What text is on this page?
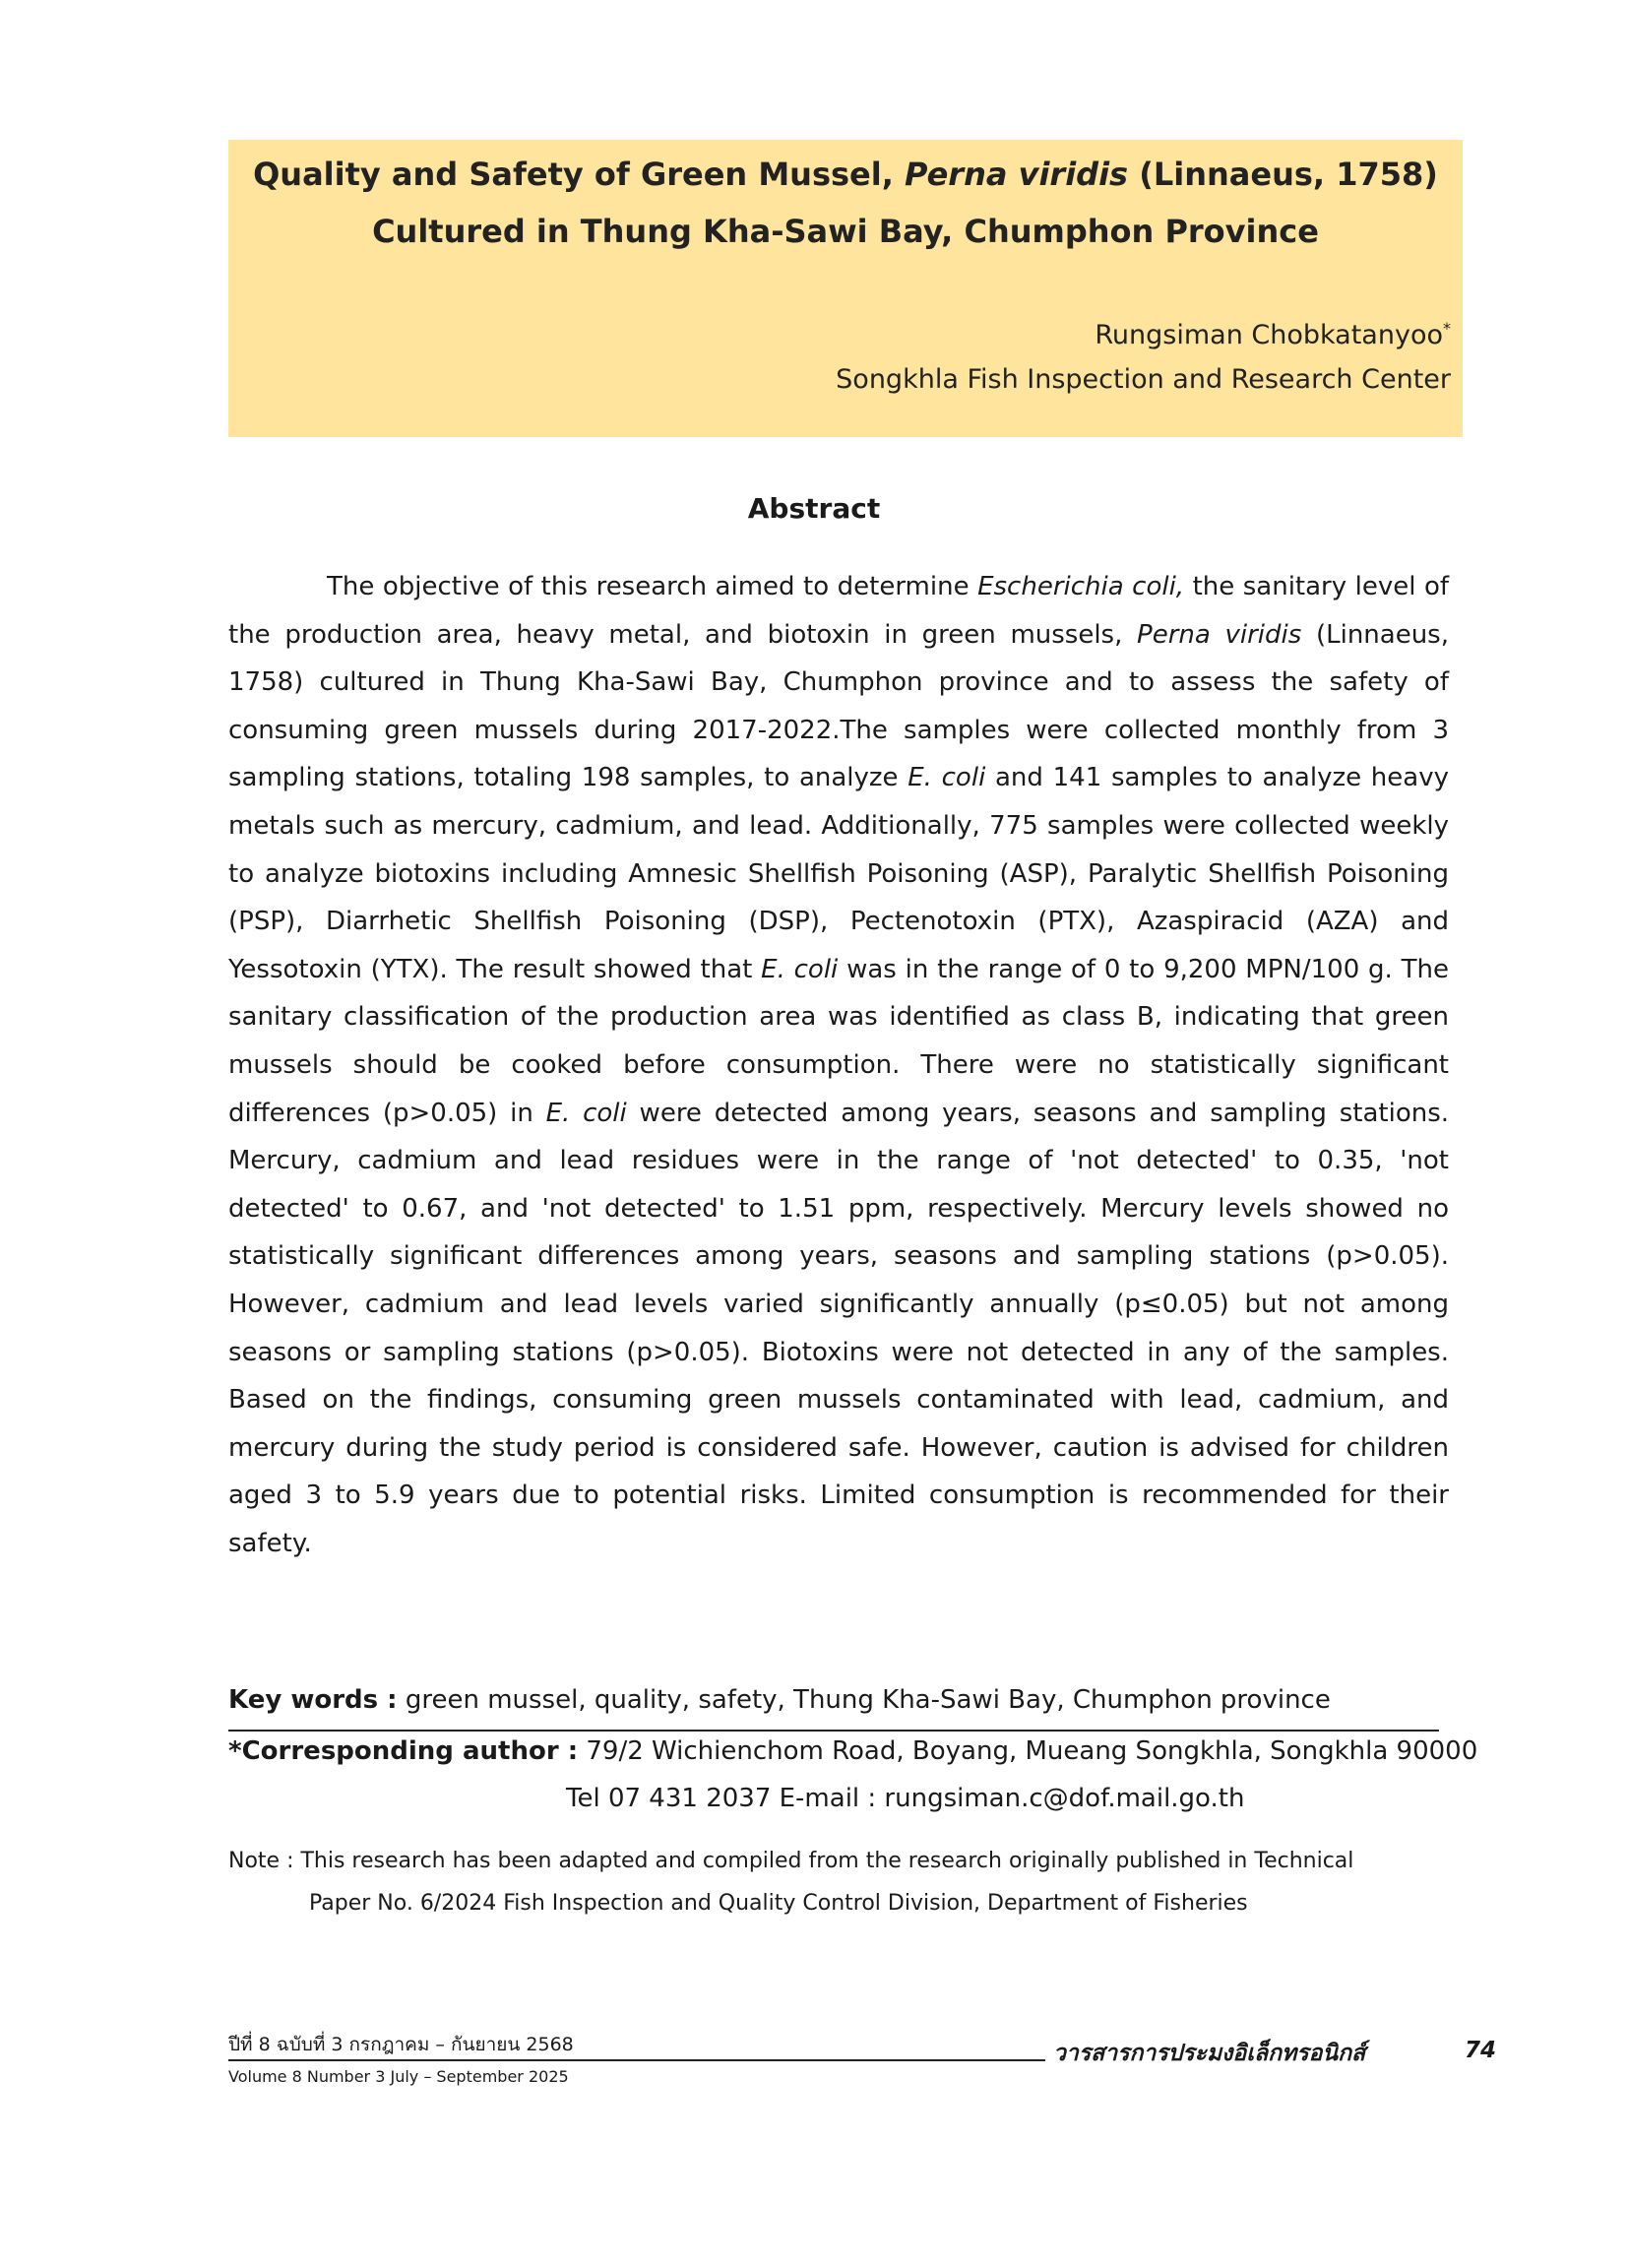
Quality and Safety of Green Mussel, Perna viridis (Linnaeus, 1758)
Cultured in Thung Kha-Sawi Bay, Chumphon Province
Rungsiman Chobkatanyoo*
Songkhla Fish Inspection and Research Center
Abstract

The objective of this research aimed to determine Escherichia coli, the sanitary level of the production area, heavy metal, and biotoxin in green mussels, Perna viridis (Linnaeus, 1758) cultured in Thung Kha-Sawi Bay, Chumphon province and to assess the safety of consuming green mussels during 2017-2022.The samples were collected monthly from 3 sampling stations, totaling 198 samples, to analyze E. coli and 141 samples to analyze heavy metals such as mercury, cadmium, and lead. Additionally, 775 samples were collected weekly to analyze biotoxins including Amnesic Shellfish Poisoning (ASP), Paralytic Shellfish Poisoning (PSP), Diarrhetic Shellfish Poisoning (DSP), Pectenotoxin (PTX), Azaspiracid (AZA) and Yessotoxin (YTX). The result showed that E. coli was in the range of 0 to 9,200 MPN/100 g. The sanitary classification of the production area was identified as class B, indicating that green mussels should be cooked before consumption. There were no statistically significant differences (p>0.05) in E. coli were detected among years, seasons and sampling stations. Mercury, cadmium and lead residues were in the range of 'not detected' to 0.35, 'not detected' to 0.67, and 'not detected' to 1.51 ppm, respectively. Mercury levels showed no statistically significant differences among years, seasons and sampling stations (p>0.05). However, cadmium and lead levels varied significantly annually (p≤0.05) but not among seasons or sampling stations (p>0.05). Biotoxins were not detected in any of the samples. Based on the findings, consuming green mussels contaminated with lead, cadmium, and mercury during the study period is considered safe. However, caution is advised for children aged 3 to 5.9 years due to potential risks. Limited consumption is recommended for their safety.

Key words : green mussel, quality, safety, Thung Kha-Sawi Bay, Chumphon province
*Corresponding author : 79/2 Wichienchom Road, Boyang, Mueang Songkhla, Songkhla 90000
Tel 07 431 2037 E-mail : rungsiman.c@dof.mail.go.th
Note : This research has been adapted and compiled from the research originally published in Technical
Paper No. 6/2024 Fish Inspection and Quality Control Division, Department of Fisheries
ปีที่ 8 ฉบับที่ 3 กรกฎาคม – กันยายน 2568
Volume 8 Number 3 July – September 2025
วารสารการประมงอิเล็กทรอนิกส์	74
